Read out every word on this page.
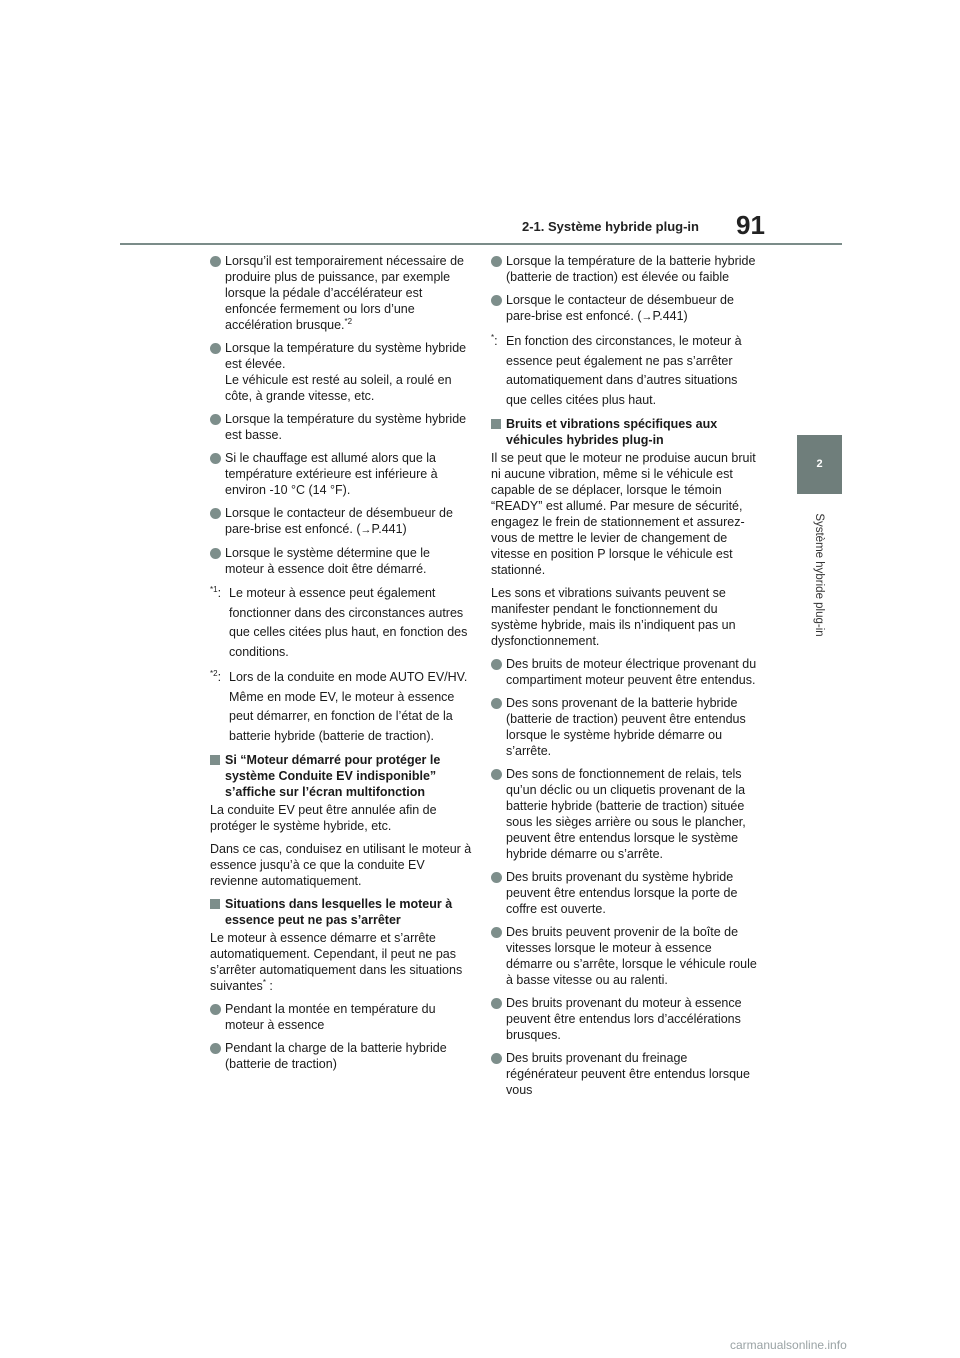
2-1. Système hybride plug-in 91
2
Système hybride plug-in
Lorsqu’il est temporairement nécessaire de produire plus de puissance, par exemple lorsque la pédale d’accélérateur est enfoncée fermement ou lors d’une accélération brusque.$^{*2}$
Lorsque la température du système hybride est élevée.
Le véhicule est resté au soleil, a roulé en côte, à grande vitesse, etc.
Lorsque la température du système hybride est basse.
Si le chauffage est allumé alors que la température extérieure est inférieure à environ -10 °C (14 °F).
Lorsque le contacteur de désembueur de pare-brise est enfoncé. (→P.441)
Lorsque le système détermine que le moteur à essence doit être démarré.
$^{*1}$: Le moteur à essence peut également fonctionner dans des circonstances autres que celles citées plus haut, en fonction des conditions.
$^{*2}$: Lors de la conduite en mode AUTO EV/HV. Même en mode EV, le moteur à essence peut démarrer, en fonction de l’état de la batterie hybride (batterie de traction).
Si “Moteur démarré pour protéger le système Conduite EV indisponible” s’affiche sur l’écran multifonction
La conduite EV peut être annulée afin de protéger le système hybride, etc.
Dans ce cas, conduisez en utilisant le moteur à essence jusqu’à ce que la conduite EV revienne automatiquement.
Situations dans lesquelles le moteur à essence peut ne pas s’arrêter
Le moteur à essence démarre et s’arrête automatiquement. Cependant, il peut ne pas s’arrêter automatiquement dans les situations suivantes* :
Pendant la montée en température du moteur à essence
Pendant la charge de la batterie hybride (batterie de traction)
Lorsque la température de la batterie hybride (batterie de traction) est élevée ou faible
Lorsque le contacteur de désembueur de pare-brise est enfoncé. (→P.441)
*: En fonction des circonstances, le moteur à essence peut également ne pas s’arrêter automatiquement dans d’autres situations que celles citées plus haut.
Bruits et vibrations spécifiques aux véhicules hybrides plug-in
Il se peut que le moteur ne produise aucun bruit ni aucune vibration, même si le véhicule est capable de se déplacer, lorsque le témoin “READY” est allumé. Par mesure de sécurité, engagez le frein de stationnement et assurez-vous de mettre le levier de changement de vitesse en position P lorsque le véhicule est stationné.
Les sons et vibrations suivants peuvent se manifester pendant le fonctionnement du système hybride, mais ils n’indiquent pas un dysfonctionnement.
Des bruits de moteur électrique provenant du compartiment moteur peuvent être entendus.
Des sons provenant de la batterie hybride (batterie de traction) peuvent être entendus lorsque le système hybride démarre ou s’arrête.
Des sons de fonctionnement de relais, tels qu’un déclic ou un cliquetis provenant de la batterie hybride (batterie de traction) située sous les sièges arrière ou sous le plancher, peuvent être entendus lorsque le système hybride démarre ou s’arrête.
Des bruits provenant du système hybride peuvent être entendus lorsque la porte de coffre est ouverte.
Des bruits peuvent provenir de la boîte de vitesses lorsque le moteur à essence démarre ou s’arrête, lorsque le véhicule roule à basse vitesse ou au ralenti.
Des bruits provenant du moteur à essence peuvent être entendus lors d’accélérations brusques.
Des bruits provenant du freinage régénérateur peuvent être entendus lorsque vous
carmanualsonline.info
